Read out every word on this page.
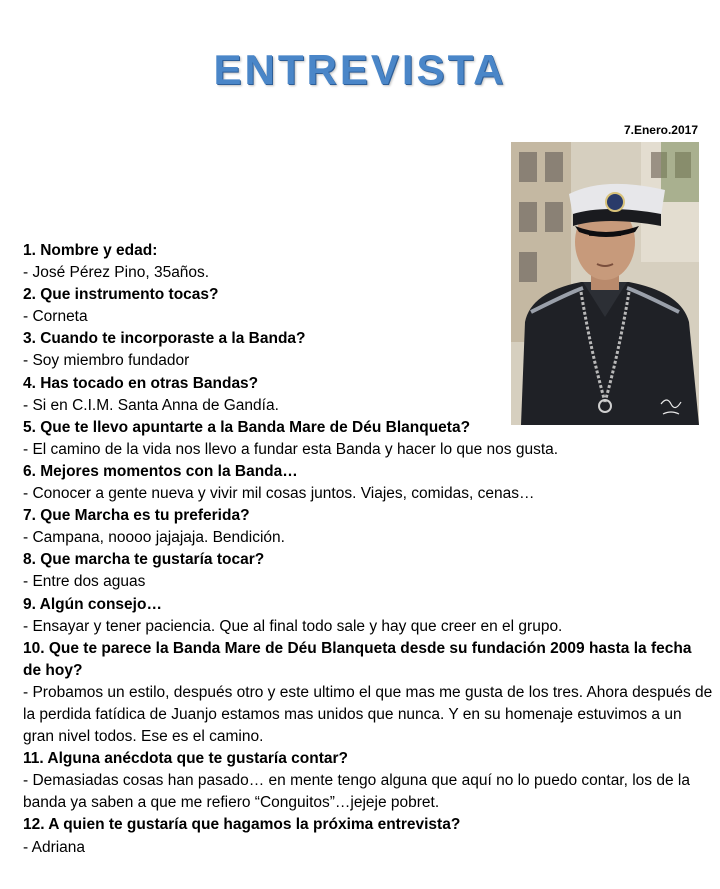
ENTREVISTA
7.Enero.2017

1. Nombre y edad:

- José Pérez Pino, 35años.

2. Que instrumento tocas?

- Corneta

3. Cuando te incorporaste a la Banda?

- Soy miembro fundador

4. Has tocado en otras Bandas?

- Si en C.I.M. Santa Anna de Gandía.

5. Que te llevo apuntarte a la Banda Mare de Déu Blanqueta?

- El camino de la vida nos llevo a fundar esta Banda y hacer lo que nos gusta.

6. Mejores momentos con la Banda…

- Conocer a gente nueva y vivir mil cosas juntos. Viajes, comidas, cenas…

7. Que Marcha es tu preferida?

- Campana, noooo jajajaja. Bendición.

8. Que marcha te gustaría tocar?

- Entre dos aguas

9. Algún consejo…

- Ensayar y tener paciencia. Que al final todo sale y hay que creer en el grupo.

10. Que te parece la Banda Mare de Déu Blanqueta desde su fundación 2009 hasta la fecha de hoy?

- Probamos un estilo, después otro y este ultimo el que mas me gusta de los tres. Ahora después de la perdida fatídica de Juanjo estamos mas unidos que nunca. Y en su homenaje estuvimos a un gran nivel todos. Ese es el camino.

11. Alguna anécdota que te gustaría contar?

- Demasiadas cosas han pasado… en mente tengo alguna que aquí no lo puedo contar, los de la banda ya saben a que me refiero “Conguitos”…jejeje pobret.

12. A quien te gustaría que hagamos la próxima entrevista?

- Adriana
